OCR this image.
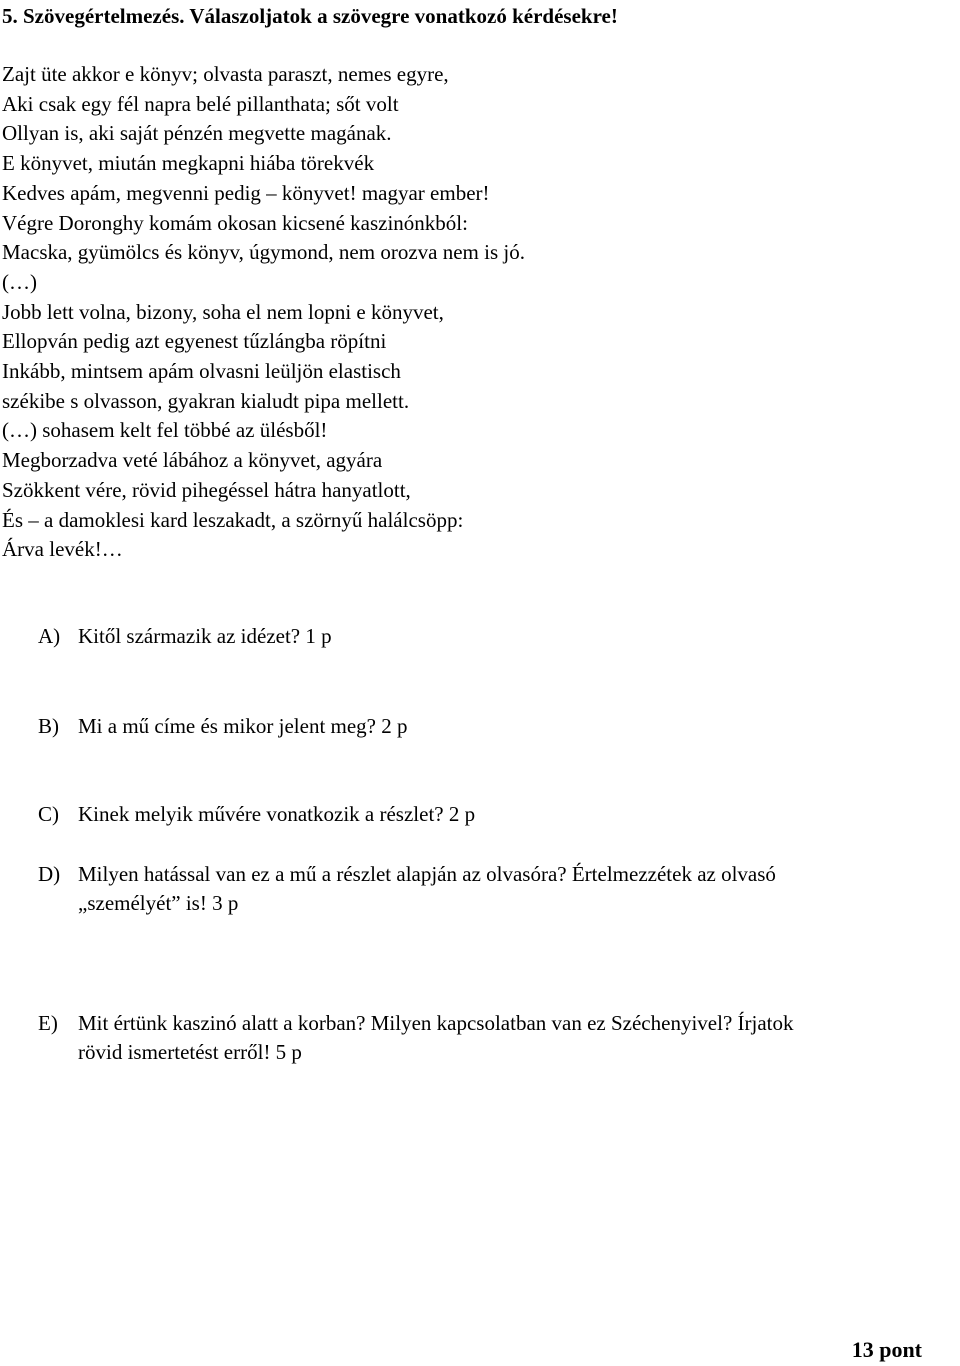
5. Szövegértelmezés. Válaszoljatok a szövegre vonatkozó kérdésekre!
Zajt üte akkor e könyv; olvasta paraszt, nemes egyre,
Aki csak egy fél napra belé pillanthata; sőt volt
Ollyan is, aki saját pénzén megvette magának.
E könyvet, miután megkapni hiába törekvék
Kedves apám, megvenni pedig – könyvet! magyar ember!
Végre Doronghy komám okosan kicsené kaszinónkból:
Macska, gyümölcs és könyv, úgymond, nem orozva nem is jó.
(…)
Jobb lett volna, bizony, soha el nem lopni e könyvet,
Ellopván pedig azt egyenest tűzlángba röpítni
Inkább, mintsem apám olvasni leüljön elastisch
székibe s olvasson, gyakran kialudt pipa mellett.
(…) sohasem kelt fel többé az ülésből!
Megborzadva veté lábához a könyvet, agyára
Szökkent vére, rövid pihegéssel hátra hanyatlott,
És – a damoklesi kard leszakadt, a szörnyű halálcsöpp:
Árva levék!…
A) Kitől származik az idézet? 1 p
B) Mi a mű címe és mikor jelent meg? 2 p
C) Kinek melyik művére vonatkozik a részlet? 2 p
D) Milyen hatással van ez a mű a részlet alapján az olvasóra? Értelmezzétek az olvasó
„személyét” is! 3 p
E) Mit értünk kaszinó alatt a korban? Milyen kapcsolatban van ez Széchenyivel? Írjatok
rövid ismertetést erről! 5 p
13 pont
